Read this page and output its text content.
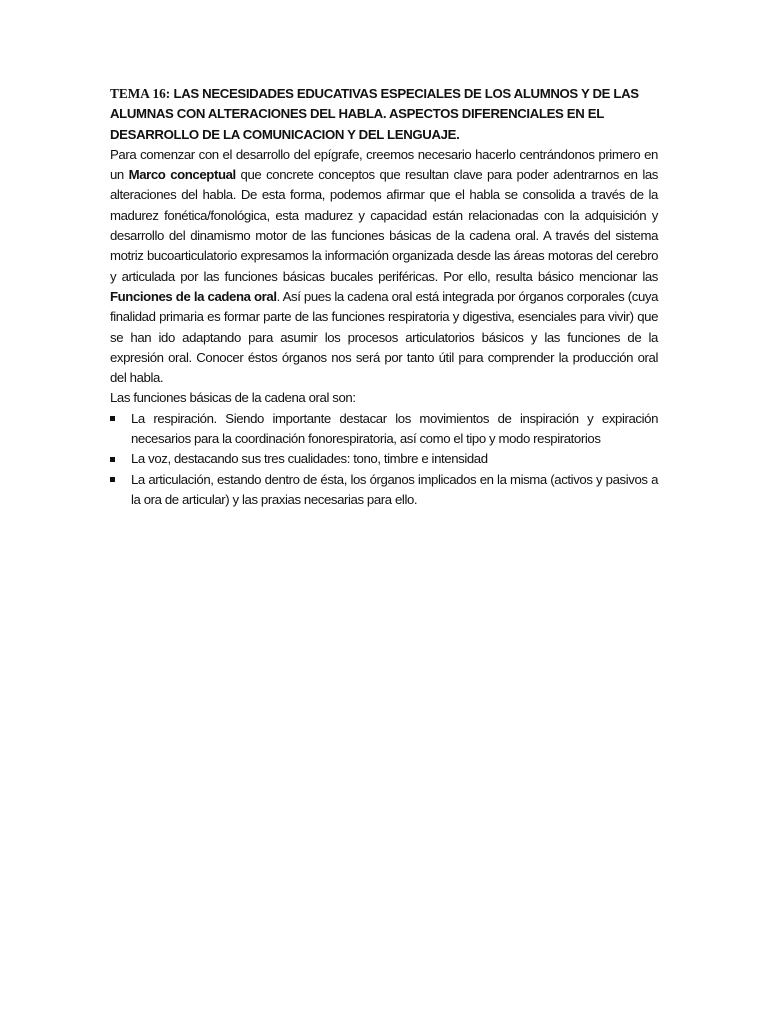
TEMA 16: LAS NECESIDADES EDUCATIVAS ESPECIALES DE LOS ALUMNOS Y DE LAS ALUMNAS CON ALTERACIONES DEL HABLA. ASPECTOS DIFERENCIALES EN EL DESARROLLO DE LA COMUNICACION Y DEL LENGUAJE.

Para comenzar con el desarrollo del epígrafe, creemos necesario hacerlo centrándonos primero en un Marco conceptual que concrete conceptos que resultan clave para poder adentrarnos en las alteraciones del habla. De esta forma, podemos afirmar que el habla se consolida a través de la madurez fonética/fonológica, esta madurez y capacidad están relacionadas con la adquisición y desarrollo del dinamismo motor de las funciones básicas de la cadena oral. A través del sistema motriz bucoarticulatorio expresamos la información organizada desde las áreas motoras del cerebro y articulada por las funciones básicas bucales periféricas. Por ello, resulta básico mencionar las Funciones de la cadena oral. Así pues la cadena oral está integrada por órganos corporales (cuya finalidad primaria es formar parte de las funciones respiratoria y digestiva, esenciales para vivir) que se han ido adaptando para asumir los procesos articulatorios básicos y las funciones de la expresión oral. Conocer éstos órganos nos será por tanto útil para comprender la producción oral del habla.

Las funciones básicas de la cadena oral son:

La respiración. Siendo importante destacar los movimientos de inspiración y expiración necesarios para la coordinación fonorespiratoria, así como el tipo y modo respiratorios
La voz, destacando sus tres cualidades: tono, timbre e intensidad
La articulación, estando dentro de ésta, los órganos implicados en la misma (activos y pasivos a la ora de articular) y las praxias necesarias para ello.
